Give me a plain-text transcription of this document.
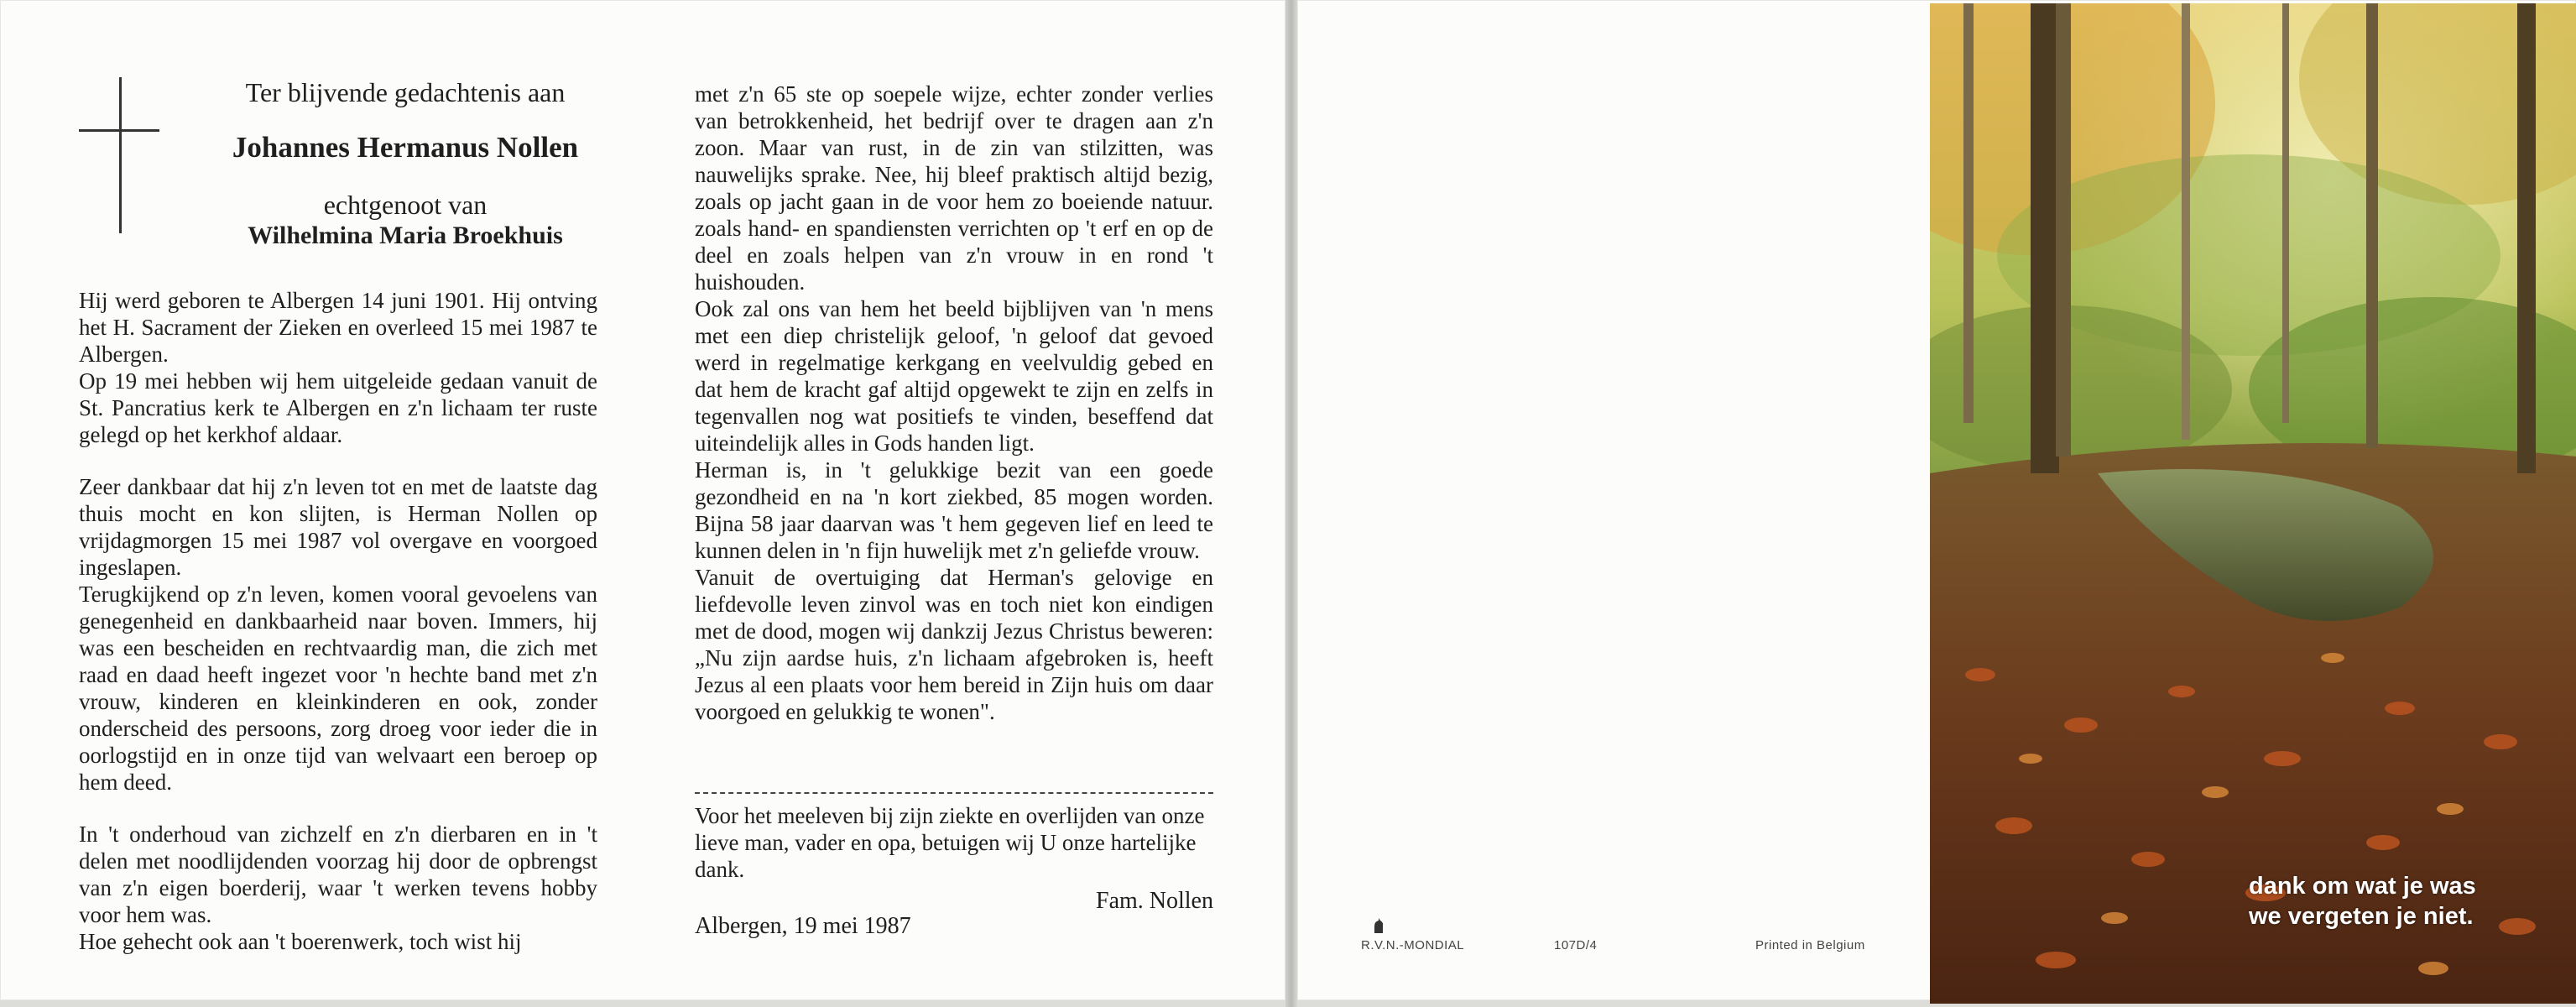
Ter blijvende gedachtenis aan
Johannes Hermanus Nollen
echtgenoot van
Wilhelmina Maria Broekhuis

Hij werd geboren te Albergen 14 juni 1901. Hij ontving het H. Sacrament der Zieken en overleed 15 mei 1987 te Albergen.

Op 19 mei hebben wij hem uitgeleide gedaan vanuit de St. Pancratius kerk te Albergen en z'n lichaam ter ruste gelegd op het kerkhof aldaar.

Zeer dankbaar dat hij z'n leven tot en met de laatste dag thuis mocht en kon slijten, is Herman Nollen op vrijdagmorgen 15 mei 1987 vol overgave en voorgoed ingeslapen.

Terugkijkend op z'n leven, komen vooral gevoelens van genegenheid en dankbaarheid naar boven. Immers, hij was een bescheiden en rechtvaardig man, die zich met raad en daad heeft ingezet voor 'n hechte band met z'n vrouw, kinderen en kleinkinderen en ook, zonder onderscheid des persoons, zorg droeg voor ieder die in oorlogstijd en in onze tijd van welvaart een beroep op hem deed.

In 't onderhoud van zichzelf en z'n dierbaren en in 't delen met noodlijdenden voorzag hij door de opbrengst van z'n eigen boerderij, waar 't werken tevens hobby voor hem was.

Hoe gehecht ook aan 't boerenwerk, toch wist hij

met z'n 65 ste op soepele wijze, echter zonder verlies van betrokkenheid, het bedrijf over te dragen aan z'n zoon. Maar van rust, in de zin van stilzitten, was nauwelijks sprake. Nee, hij bleef praktisch altijd bezig, zoals op jacht gaan in de voor hem zo boeiende natuur. zoals hand- en spandiensten verrichten op 't erf en op de deel en zoals helpen van z'n vrouw in en rond 't huishouden.

Ook zal ons van hem het beeld bijblijven van 'n mens met een diep christelijk geloof, 'n geloof dat gevoed werd in regelmatige kerkgang en veelvuldig gebed en dat hem de kracht gaf altijd opgewekt te zijn en zelfs in tegenvallen nog wat positiefs te vinden, beseffend dat uiteindelijk alles in Gods handen ligt.

Herman is, in 't gelukkige bezit van een goede gezondheid en na 'n kort ziekbed, 85 mogen worden. Bijna 58 jaar daarvan was 't hem gegeven lief en leed te kunnen delen in 'n fijn huwelijk met z'n geliefde vrouw.

Vanuit de overtuiging dat Herman's gelovige en liefdevolle leven zinvol was en toch niet kon eindigen met de dood, mogen wij dankzij Jezus Christus beweren: „Nu zijn aardse huis, z'n lichaam afgebroken is, heeft Jezus al een plaats voor hem bereid in Zijn huis om daar voorgoed en gelukkig te wonen".

Voor het meeleven bij zijn ziekte en overlijden van onze lieve man, vader en opa, betuigen wij U onze hartelijke dank.
Fam. Nollen
Albergen, 19 mei 1987
R.V.N.-MONDIAL	107D/4	Printed in Belgium
dank om wat je was
we vergeten je niet.
